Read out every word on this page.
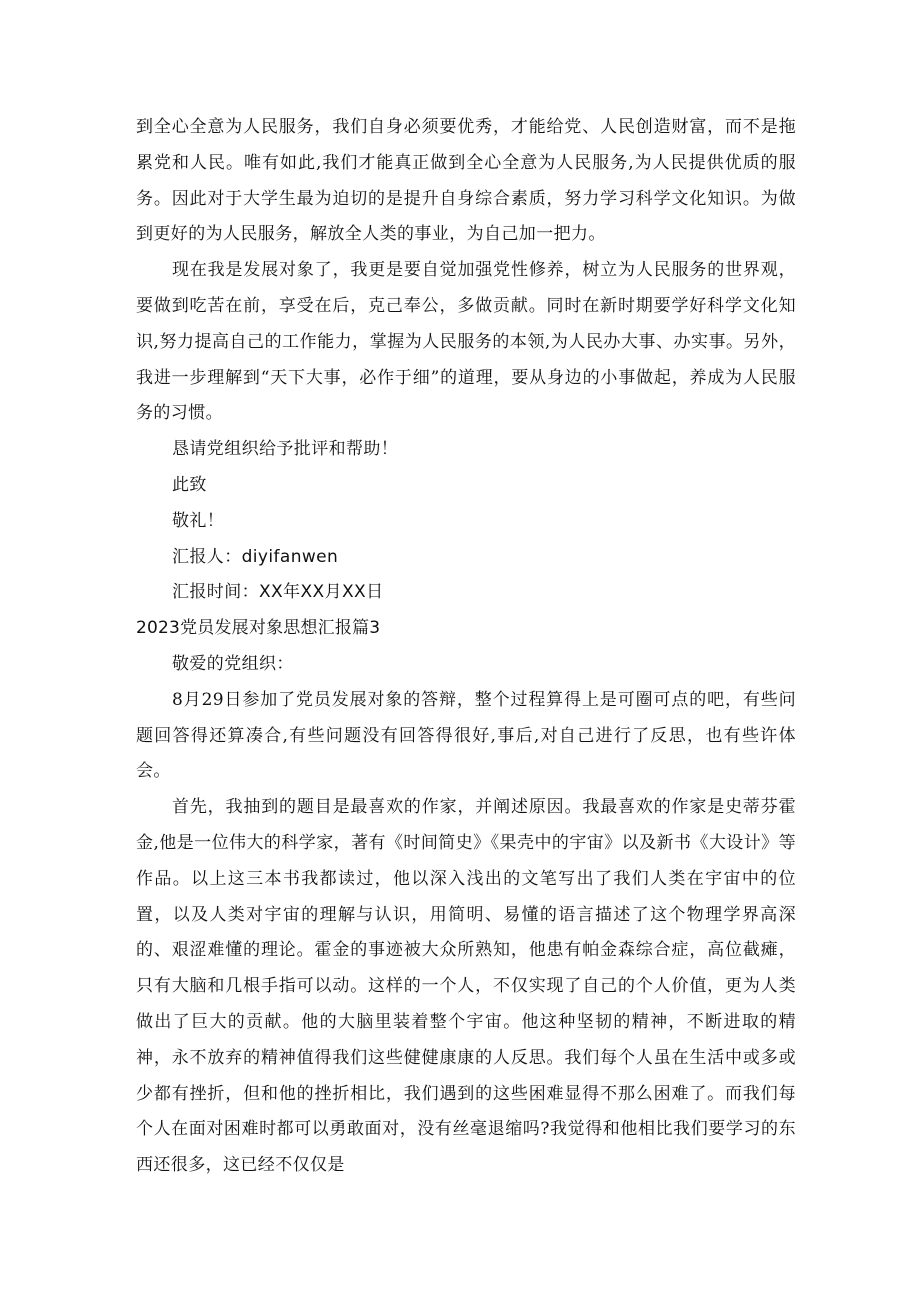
到全心全意为人民服务，我们自身必须要优秀，才能给党、人民创造财富，而不是拖累党和人民。唯有如此,我们才能真正做到全心全意为人民服务,为人民提供优质的服务。因此对于大学生最为迫切的是提升自身综合素质，努力学习科学文化知识。为做到更好的为人民服务，解放全人类的事业，为自己加一把力。

现在我是发展对象了，我更是要自觉加强党性修养，树立为人民服务的世界观，要做到吃苦在前，享受在后，克己奉公，多做贡献。同时在新时期要学好科学文化知识,努力提高自己的工作能力，掌握为人民服务的本领,为人民办大事、办实事。另外，我进一步理解到“天下大事，必作于细”的道理，要从身边的小事做起，养成为人民服务的习惯。

恳请党组织给予批评和帮助！

此致

敬礼！

汇报人：diyifanwen

汇报时间：XX年XX月XX日

2023党员发展对象思想汇报篇3

敬爱的党组织：

8月29日参加了党员发展对象的答辩，整个过程算得上是可圈可点的吧，有些问题回答得还算凑合,有些问题没有回答得很好,事后,对自己进行了反思，也有些许体会。

首先，我抽到的题目是最喜欢的作家，并阐述原因。我最喜欢的作家是史蒂芬霍金,他是一位伟大的科学家，著有《时间简史》《果壳中的宇宙》以及新书《大设计》等作品。以上这三本书我都读过，他以深入浅出的文笔写出了我们人类在宇宙中的位置，以及人类对宇宙的理解与认识，用简明、易懂的语言描述了这个物理学界高深的、艰涩难懂的理论。霍金的事迹被大众所熟知，他患有帕金森综合症，高位截瘫，只有大脑和几根手指可以动。这样的一个人，不仅实现了自己的个人价值，更为人类做出了巨大的贡献。他的大脑里装着整个宇宙。他这种坚韧的精神，不断进取的精神，永不放弃的精神值得我们这些健健康康的人反思。我们每个人虽在生活中或多或少都有挫折，但和他的挫折相比，我们遇到的这些困难显得不那么困难了。而我们每个人在面对困难时都可以勇敢面对，没有丝毫退缩吗?我觉得和他相比我们要学习的东西还很多，这已经不仅仅是
